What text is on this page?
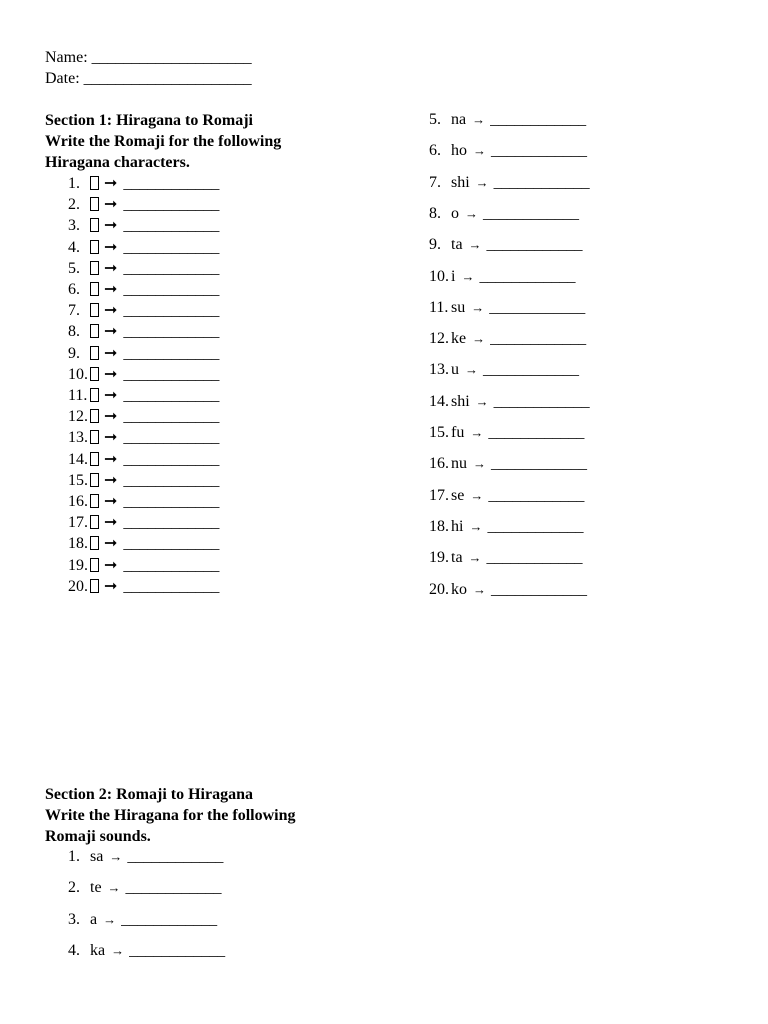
Name: ____________________
Date: _____________________
Section 1: Hiragana to Romaji
Write the Romaji for the following
Hiragana characters.
1. ➞ ____________
2. ➞ ____________
3. ➞ ____________
4. ➞ ____________
5. ➞ ____________
6. ➞ ____________
7. ➞ ____________
8. ➞ ____________
9. ➞ ____________
10. ➞ ____________
11. ➞ ____________
12. ➞ ____________
13. ➞ ____________
14. ➞ ____________
15. ➞ ____________
16. ➞ ____________
17. ➞ ____________
18. ➞ ____________
19. ➞ ____________
20. ➞ ____________
5. na → ____________
6. ho → ____________
7. shi → ____________
8. o → ____________
9. ta → ____________
10. i → ____________
11. su → ____________
12. ke → ____________
13. u → ____________
14. shi → ____________
15. fu → ____________
16. nu → ____________
17. se → ____________
18. hi → ____________
19. ta → ____________
20. ko → ____________
Section 2: Romaji to Hiragana
Write the Hiragana for the following
Romaji sounds.
1. sa → ____________
2. te → ____________
3. a → ____________
4. ka → ____________
